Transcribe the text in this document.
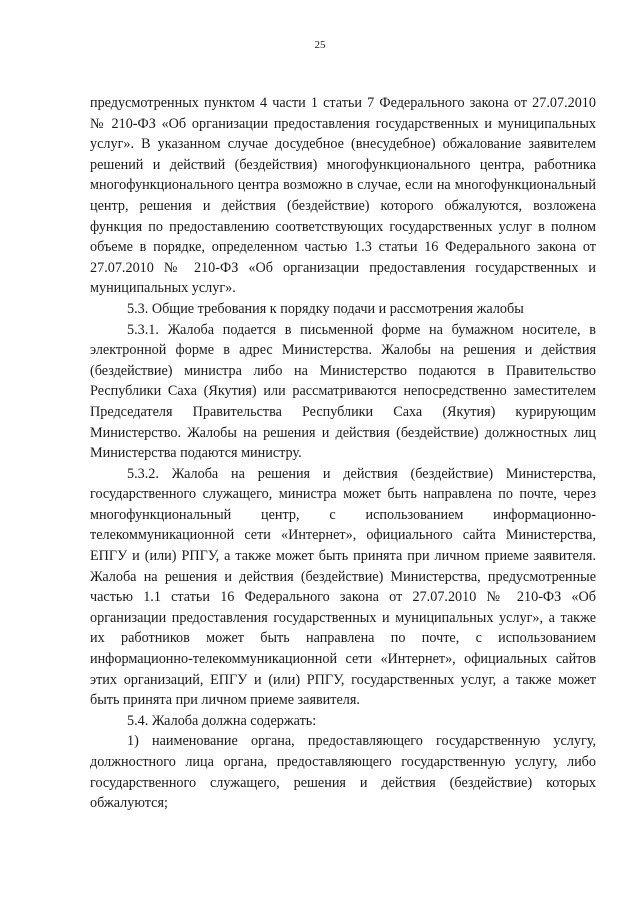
25

предусмотренных пунктом 4 части 1 статьи 7 Федерального закона от 27.07.2010 № 210-ФЗ «Об организации предоставления государственных и муниципальных услуг». В указанном случае досудебное (внесудебное) обжалование заявителем решений и действий (бездействия) многофункционального центра, работника многофункционального центра возможно в случае, если на многофункциональный центр, решения и действия (бездействие) которого обжалуются, возложена функция по предоставлению соответствующих государственных услуг в полном объеме в порядке, определенном частью 1.3 статьи 16 Федерального закона от 27.07.2010 № 210-ФЗ «Об организации предоставления государственных и муниципальных услуг».

5.3. Общие требования к порядку подачи и рассмотрения жалобы

5.3.1. Жалоба подается в письменной форме на бумажном носителе, в электронной форме в адрес Министерства. Жалобы на решения и действия (бездействие) министра либо на Министерство подаются в Правительство Республики Саха (Якутия) или рассматриваются непосредственно заместителем Председателя Правительства Республики Саха (Якутия) курирующим Министерство. Жалобы на решения и действия (бездействие) должностных лиц Министерства подаются министру.

5.3.2. Жалоба на решения и действия (бездействие) Министерства, государственного служащего, министра может быть направлена по почте, через многофункциональный центр, с использованием информационно-телекоммуникационной сети «Интернет», официального сайта Министерства, ЕПГУ и (или) РПГУ, а также может быть принята при личном приеме заявителя. Жалоба на решения и действия (бездействие) Министерства, предусмотренные частью 1.1 статьи 16 Федерального закона от 27.07.2010 № 210-ФЗ «Об организации предоставления государственных и муниципальных услуг», а также их работников может быть направлена по почте, с использованием информационно-телекоммуникационной сети «Интернет», официальных сайтов этих организаций, ЕПГУ и (или) РПГУ, государственных услуг, а также может быть принята при личном приеме заявителя.

5.4. Жалоба должна содержать:

1) наименование органа, предоставляющего государственную услугу, должностного лица органа, предоставляющего государственную услугу, либо государственного служащего, решения и действия (бездействие) которых обжалуются;
